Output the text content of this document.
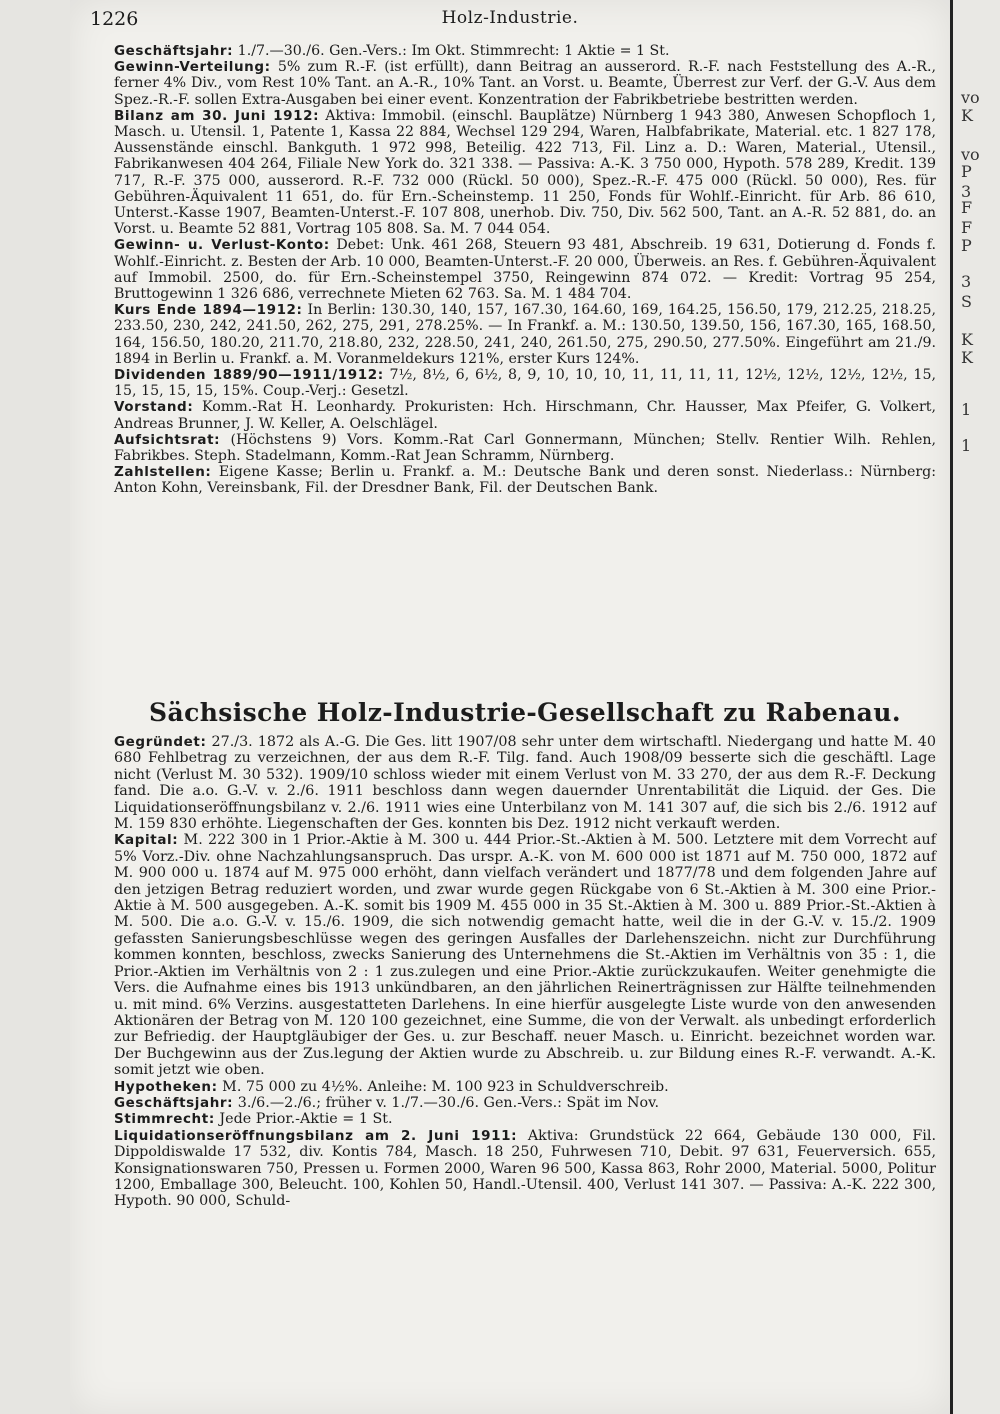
1226	Holz-Industrie.

Geschäftsjahr: 1./7.—30./6. Gen.-Vers.: Im Okt. Stimmrecht: 1 Aktie = 1 St.

Gewinn-Verteilung: 5% zum R.-F. (ist erfüllt), dann Beitrag an ausserord. R.-F. nach Feststellung des A.-R., ferner 4% Div., vom Rest 10% Tant. an A.-R., 10% Tant. an Vorst. u. Beamte, Überrest zur Verf. der G.-V. Aus dem Spez.-R.-F. sollen Extra-Ausgaben bei einer event. Konzentration der Fabrikbetriebe bestritten werden.

Bilanz am 30. Juni 1912: Aktiva: Immobil. (einschl. Bauplätze) Nürnberg 1 943 380, Anwesen Schopfloch 1, Masch. u. Utensil. 1, Patente 1, Kassa 22 884, Wechsel 129 294, Waren, Halbfabrikate, Material. etc. 1 827 178, Aussenstände einschl. Bankguth. 1 972 998, Beteilig. 422 713, Fil. Linz a. D.: Waren, Material., Utensil., Fabrikanwesen 404 264, Filiale New York do. 321 338. — Passiva: A.-K. 3 750 000, Hypoth. 578 289, Kredit. 139 717, R.-F. 375 000, ausserord. R.-F. 732 000 (Rückl. 50 000), Spez.-R.-F. 475 000 (Rückl. 50 000), Res. für Gebühren-Äquivalent 11 651, do. für Ern.-Scheinstemp. 11 250, Fonds für Wohlf.-Einricht. für Arb. 86 610, Unterst.-Kasse 1907, Beamten-Unterst.-F. 107 808, unerhob. Div. 750, Div. 562 500, Tant. an A.-R. 52 881, do. an Vorst. u. Beamte 52 881, Vortrag 105 808. Sa. M. 7 044 054.

Gewinn- u. Verlust-Konto: Debet: Unk. 461 268, Steuern 93 481, Abschreib. 19 631, Dotierung d. Fonds f. Wohlf.-Einricht. z. Besten der Arb. 10 000, Beamten-Unterst.-F. 20 000, Überweis. an Res. f. Gebühren-Äquivalent auf Immobil. 2500, do. für Ern.-Scheinstempel 3750, Reingewinn 874 072. — Kredit: Vortrag 95 254, Bruttogewinn 1 326 686, verrechnete Mieten 62 763. Sa. M. 1 484 704.

Kurs Ende 1894—1912: In Berlin: 130.30, 140, 157, 167.30, 164.60, 169, 164.25, 156.50, 179, 212.25, 218.25, 233.50, 230, 242, 241.50, 262, 275, 291, 278.25%. — In Frankf. a. M.: 130.50, 139.50, 156, 167.30, 165, 168.50, 164, 156.50, 180.20, 211.70, 218.80, 232, 228.50, 241, 240, 261.50, 275, 290.50, 277.50%. Eingeführt am 21./9. 1894 in Berlin u. Frankf. a. M. Voranmeldekurs 121%, erster Kurs 124%.

Dividenden 1889/90—1911/1912: 7½, 8½, 6, 6½, 8, 9, 10, 10, 10, 11, 11, 11, 11, 12½, 12½, 12½, 12½, 15, 15, 15, 15, 15, 15%. Coup.-Verj.: Gesetzl.

Vorstand: Komm.-Rat H. Leonhardy. Prokuristen: Hch. Hirschmann, Chr. Hausser, Max Pfeifer, G. Volkert, Andreas Brunner, J. W. Keller, A. Oelschlägel.

Aufsichtsrat: (Höchstens 9) Vors. Komm.-Rat Carl Gonnermann, München; Stellv. Rentier Wilh. Rehlen, Fabrikbes. Steph. Stadelmann, Komm.-Rat Jean Schramm, Nürnberg.

Zahlstellen: Eigene Kasse; Berlin u. Frankf. a. M.: Deutsche Bank und deren sonst. Niederlass.: Nürnberg: Anton Kohn, Vereinsbank, Fil. der Dresdner Bank, Fil. der Deutschen Bank.

Sächsische Holz-Industrie-Gesellschaft zu Rabenau.

Gegründet: 27./3. 1872 als A.-G. Die Ges. litt 1907/08 sehr unter dem wirtschaftl. Niedergang und hatte M. 40 680 Fehlbetrag zu verzeichnen, der aus dem R.-F. Tilg. fand. Auch 1908/09 besserte sich die geschäftl. Lage nicht (Verlust M. 30 532). 1909/10 schloss wieder mit einem Verlust von M. 33 270, der aus dem R.-F. Deckung fand. Die a.o. G.-V. v. 2./6. 1911 beschloss dann wegen dauernder Unrentabilität die Liquid. der Ges. Die Liquidationseröffnungsbilanz v. 2./6. 1911 wies eine Unterbilanz von M. 141 307 auf, die sich bis 2./6. 1912 auf M. 159 830 erhöhte. Liegenschaften der Ges. konnten bis Dez. 1912 nicht verkauft werden.

Kapital: M. 222 300 in 1 Prior.-Aktie à M. 300 u. 444 Prior.-St.-Aktien à M. 500. Letztere mit dem Vorrecht auf 5% Vorz.-Div. ohne Nachzahlungsanspruch. Das urspr. A.-K. von M. 600 000 ist 1871 auf M. 750 000, 1872 auf M. 900 000 u. 1874 auf M. 975 000 erhöht, dann vielfach verändert und 1877/78 und dem folgenden Jahre auf den jetzigen Betrag reduziert worden, und zwar wurde gegen Rückgabe von 6 St.-Aktien à M. 300 eine Prior.-Aktie à M. 500 ausgegeben. A.-K. somit bis 1909 M. 455 000 in 35 St.-Aktien à M. 300 u. 889 Prior.-St.-Aktien à M. 500. Die a.o. G.-V. v. 15./6. 1909, die sich notwendig gemacht hatte, weil die in der G.-V. v. 15./2. 1909 gefassten Sanierungsbeschlüsse wegen des geringen Ausfalles der Darlehenszeichn. nicht zur Durchführung kommen konnten, beschloss, zwecks Sanierung des Unternehmens die St.-Aktien im Verhältnis von 35 : 1, die Prior.-Aktien im Verhältnis von 2 : 1 zus.zulegen und eine Prior.-Aktie zurückzukaufen. Weiter genehmigte die Vers. die Aufnahme eines bis 1913 unkündbaren, an den jährlichen Reinerträgnissen zur Hälfte teilnehmenden u. mit mind. 6% Verzins. ausgestatteten Darlehens. In eine hierfür ausgelegte Liste wurde von den anwesenden Aktionären der Betrag von M. 120 100 gezeichnet, eine Summe, die von der Verwalt. als unbedingt erforderlich zur Befriedig. der Hauptgläubiger der Ges. u. zur Beschaff. neuer Masch. u. Einricht. bezeichnet worden war. Der Buchgewinn aus der Zus.legung der Aktien wurde zu Abschreib. u. zur Bildung eines R.-F. verwandt. A.-K. somit jetzt wie oben.

Hypotheken: M. 75 000 zu 4½%. Anleihe: M. 100 923 in Schuldverschreib.

Geschäftsjahr: 3./6.—2./6.; früher v. 1./7.—30./6. Gen.-Vers.: Spät im Nov.

Stimmrecht: Jede Prior.-Aktie = 1 St.

Liquidationseröffnungsbilanz am 2. Juni 1911: Aktiva: Grundstück 22 664, Gebäude 130 000, Fil. Dippoldiswalde 17 532, div. Kontis 784, Masch. 18 250, Fuhrwesen 710, Debit. 97 631, Feuerversich. 655, Konsignationswaren 750, Pressen u. Formen 2000, Waren 96 500, Kassa 863, Rohr 2000, Material. 5000, Politur 1200, Emballage 300, Beleucht. 100, Kohlen 50, Handl.-Utensil. 400, Verlust 141 307. — Passiva: A.-K. 222 300, Hypoth. 90 000, Schuld-

vo
K
vo
P
3
F
F
P
3
S
K
K
1
1
